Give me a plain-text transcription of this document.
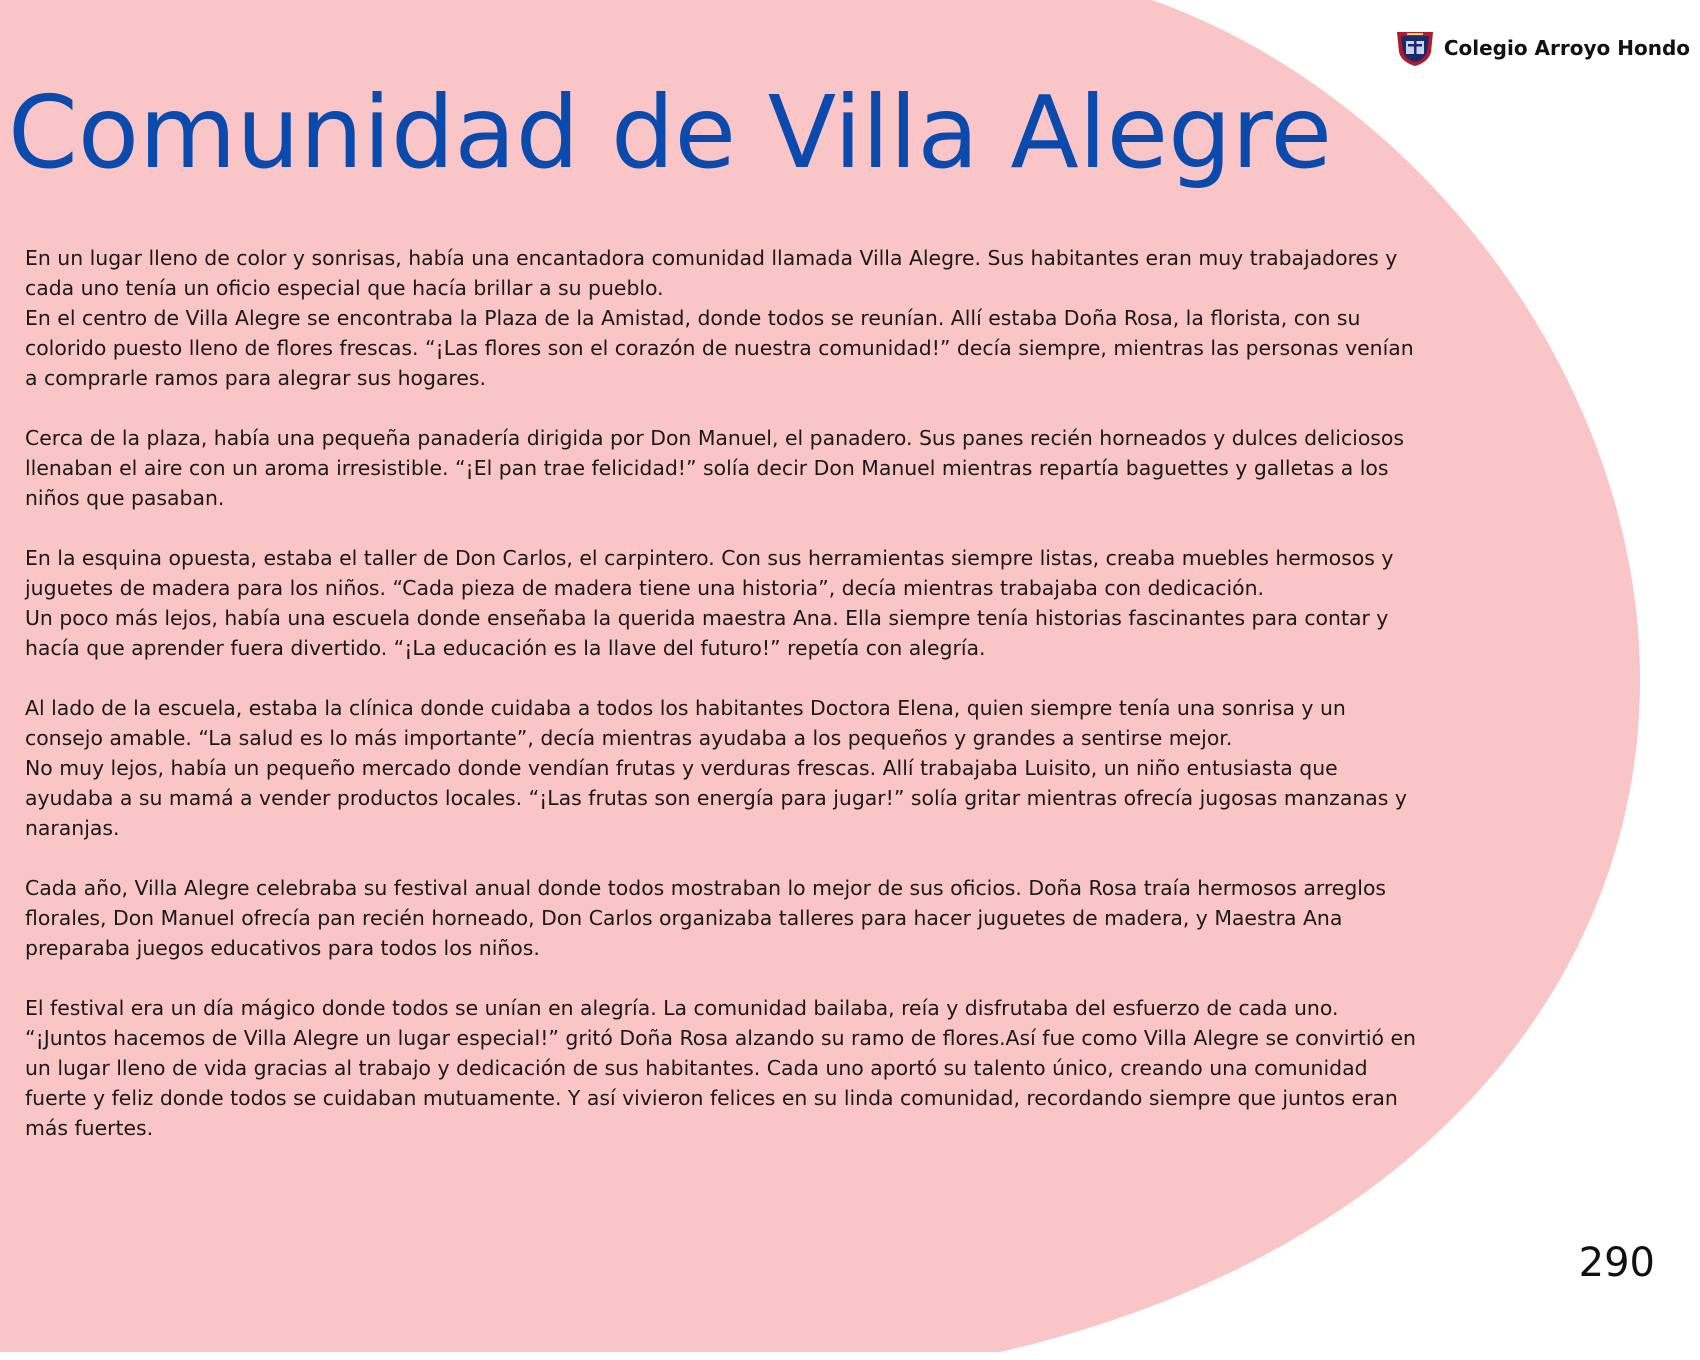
Colegio Arroyo Hondo
Comunidad de Villa Alegre

En un lugar lleno de color y sonrisas, había una encantadora comunidad llamada Villa Alegre. Sus habitantes eran muy trabajadores y cada uno tenía un oficio especial que hacía brillar a su pueblo.

En el centro de Villa Alegre se encontraba la Plaza de la Amistad, donde todos se reunían. Allí estaba Doña Rosa, la florista, con su colorido puesto lleno de flores frescas. “¡Las flores son el corazón de nuestra comunidad!” decía siempre, mientras las personas venían a comprarle ramos para alegrar sus hogares.

Cerca de la plaza, había una pequeña panadería dirigida por Don Manuel, el panadero. Sus panes recién horneados y dulces deliciosos llenaban el aire con un aroma irresistible. “¡El pan trae felicidad!” solía decir Don Manuel mientras repartía baguettes y galletas a los niños que pasaban.

En la esquina opuesta, estaba el taller de Don Carlos, el carpintero. Con sus herramientas siempre listas, creaba muebles hermosos y juguetes de madera para los niños. “Cada pieza de madera tiene una historia”, decía mientras trabajaba con dedicación.

Un poco más lejos, había una escuela donde enseñaba la querida maestra Ana. Ella siempre tenía historias fascinantes para contar y hacía que aprender fuera divertido. “¡La educación es la llave del futuro!” repetía con alegría.

Al lado de la escuela, estaba la clínica donde cuidaba a todos los habitantes Doctora Elena, quien siempre tenía una sonrisa y un consejo amable. “La salud es lo más importante”, decía mientras ayudaba a los pequeños y grandes a sentirse mejor.

No muy lejos, había un pequeño mercado donde vendían frutas y verduras frescas. Allí trabajaba Luisito, un niño entusiasta que ayudaba a su mamá a vender productos locales. “¡Las frutas son energía para jugar!” solía gritar mientras ofrecía jugosas manzanas y naranjas.

Cada año, Villa Alegre celebraba su festival anual donde todos mostraban lo mejor de sus oficios. Doña Rosa traía hermosos arreglos florales, Don Manuel ofrecía pan recién horneado, Don Carlos organizaba talleres para hacer juguetes de madera, y Maestra Ana preparaba juegos educativos para todos los niños.

El festival era un día mágico donde todos se unían en alegría. La comunidad bailaba, reía y disfrutaba del esfuerzo de cada uno. “¡Juntos hacemos de Villa Alegre un lugar especial!” gritó Doña Rosa alzando su ramo de flores.Así fue como Villa Alegre se convirtió en un lugar lleno de vida gracias al trabajo y dedicación de sus habitantes. Cada uno aportó su talento único, creando una comunidad fuerte y feliz donde todos se cuidaban mutuamente. Y así vivieron felices en su linda comunidad, recordando siempre que juntos eran más fuertes.

290
